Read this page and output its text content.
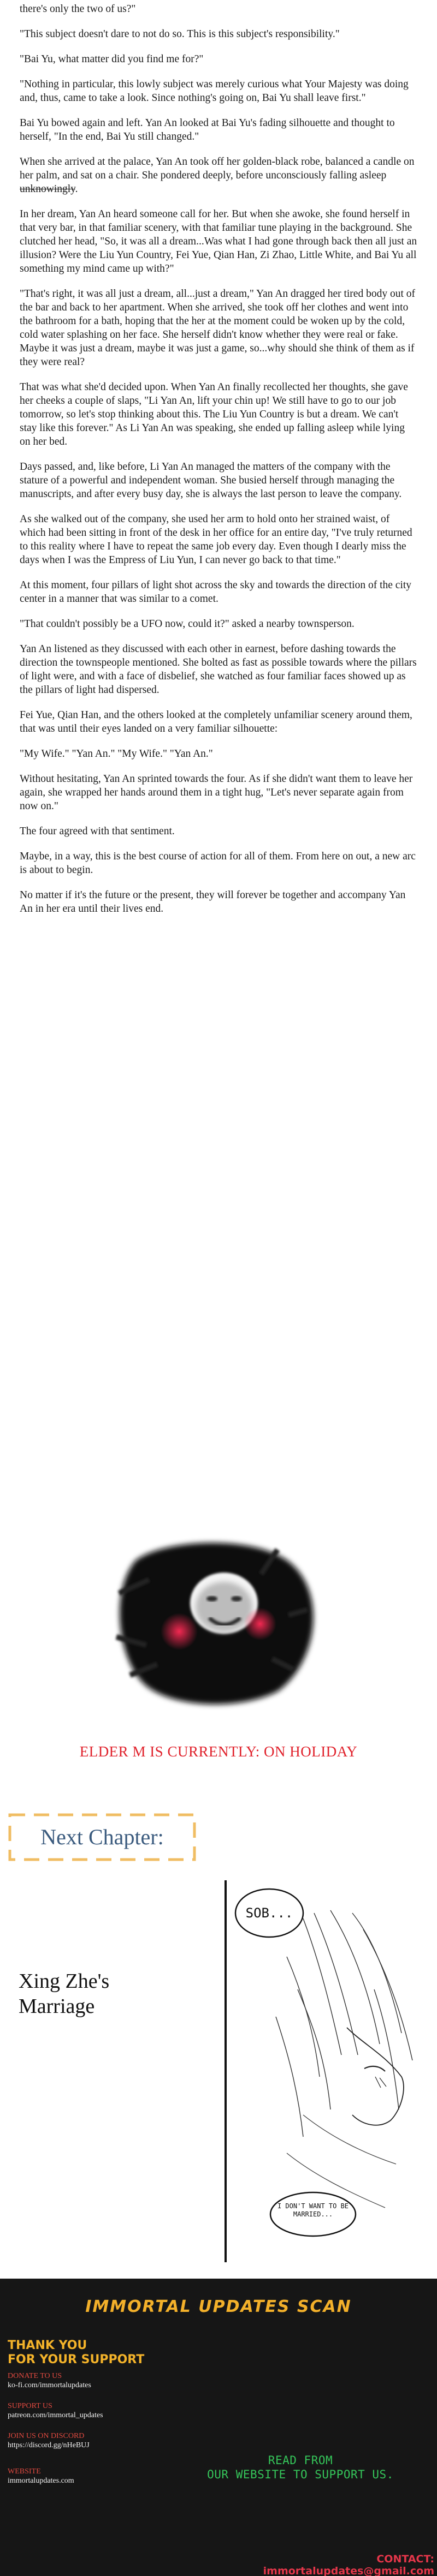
there's only the two of us?"

"This subject doesn't dare to not do so. This is this subject's responsibility."

"Bai Yu, what matter did you find me for?"

"Nothing in particular, this lowly subject was merely curious what Your Majesty was doing and, thus, came to take a look. Since nothing's going on, Bai Yu shall leave first."

Bai Yu bowed again and left. Yan An looked at Bai Yu's fading silhouette and thought to herself, "In the end, Bai Yu still changed."

When she arrived at the palace, Yan An took off her golden-black robe, balanced a candle on her palm, and sat on a chair. She pondered deeply, before unconsciously falling asleep unknowingly.

In her dream, Yan An heard someone call for her. But when she awoke, she found herself in that very bar, in that familiar scenery, with that familiar tune playing in the background. She clutched her head, "So, it was all a dream...Was what I had gone through back then all just an illusion? Were the Liu Yun Country, Fei Yue, Qian Han, Zi Zhao, Little White, and Bai Yu all something my mind came up with?"

"That's right, it was all just a dream, all...just a dream," Yan An dragged her tired body out of the bar and back to her apartment. When she arrived, she took off her clothes and went into the bathroom for a bath, hoping that the her at the moment could be woken up by the cold, cold water splashing on her face. She herself didn't know whether they were real or fake. Maybe it was just a dream, maybe it was just a game, so...why should she think of them as if they were real?

That was what she'd decided upon. When Yan An finally recollected her thoughts, she gave her cheeks a couple of slaps, "Li Yan An, lift your chin up! We still have to go to our job tomorrow, so let's stop thinking about this. The Liu Yun Country is but a dream. We can't stay like this forever." As Li Yan An was speaking, she ended up falling asleep while lying on her bed.

Days passed, and, like before, Li Yan An managed the matters of the company with the stature of a powerful and independent woman. She busied herself through managing the manuscripts, and after every busy day, she is always the last person to leave the company.

As she walked out of the company, she used her arm to hold onto her strained waist, of which had been sitting in front of the desk in her office for an entire day, "I've truly returned to this reality where I have to repeat the same job every day. Even though I dearly miss the days when I was the Empress of Liu Yun, I can never go back to that time."

At this moment, four pillars of light shot across the sky and towards the direction of the city center in a manner that was similar to a comet.

"That couldn't possibly be a UFO now, could it?" asked a nearby townsperson.

Yan An listened as they discussed with each other in earnest, before dashing towards the direction the townspeople mentioned. She bolted as fast as possible towards where the pillars of light were, and with a face of disbelief, she watched as four familiar faces showed up as the pillars of light had dispersed.

Fei Yue, Qian Han, and the others looked at the completely unfamiliar scenery around them, that was until their eyes landed on a very familiar silhouette:

"My Wife." "Yan An." "My Wife." "Yan An."

Without hesitating, Yan An sprinted towards the four. As if she didn't want them to leave her again, she wrapped her hands around them in a tight hug, "Let's never separate again from now on."

The four agreed with that sentiment.

Maybe, in a way, this is the best course of action for all of them. From here on out, a new arc is about to begin.

No matter if it's the future or the present, they will forever be together and accompany Yan An in her era until their lives end.

ELDER M IS CURRENTLY: ON HOLIDAY
Next Chapter:
Xing Zhe's Marriage
SOB...
I DON'T WANT TO BE MARRIED...
IMMORTAL UPDATES SCAN
THANK YOU
FOR YOUR SUPPORT
DONATE TO US
ko-fi.com/immortalupdates
SUPPORT US
patreon.com/immortal_updates
JOIN US ON DISCORD
https://discord.gg/nHeBUJ
WEBSITE
immortalupdates.com
READ FROM
OUR WEBSITE TO SUPPORT US.
CONTACT: immortalupdates@gmail.com
